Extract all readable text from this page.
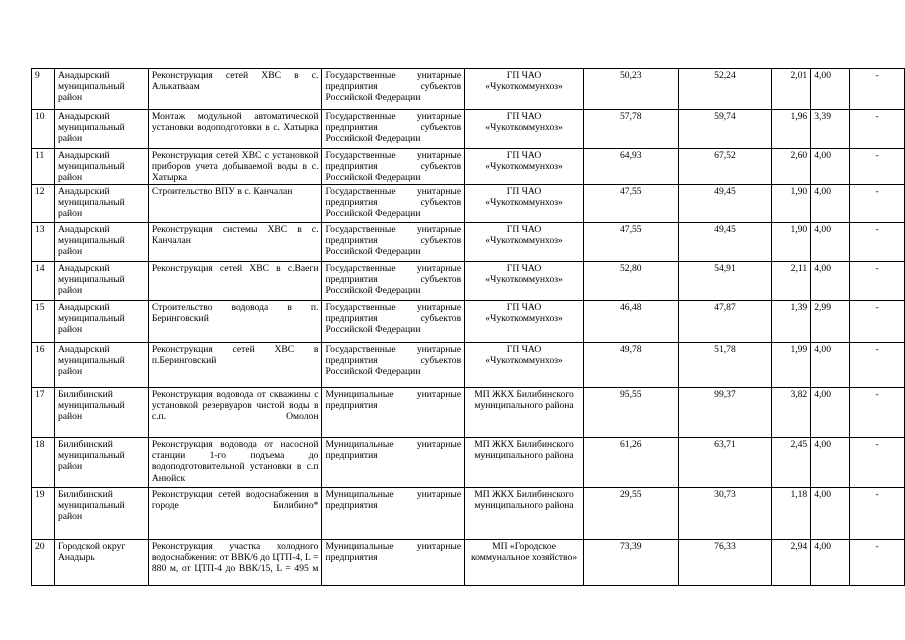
9	Анадырский муниципальный район	Реконструкция сетей ХВС в с. Алькатваам	Государственные унитарные предприятия субъектов Российской Федерации	ГП ЧАО «Чукоткоммунхоз»	50,23	52,24	2,01	4,00	-
10	Анадырский муниципальный район	Монтаж модульной автоматической установки водоподготовки в с. Хатырка	Государственные унитарные предприятия субъектов Российской Федерации	ГП ЧАО «Чукоткоммунхоз»	57,78	59,74	1,96	3,39	-
11	Анадырский муниципальный район	Реконструкция сетей ХВС с установкой приборов учета добываемой воды в с. Хатырка	Государственные унитарные предприятия субъектов Российской Федерации	ГП ЧАО «Чукоткоммунхоз»	64,93	67,52	2,60	4,00	-
12	Анадырский муниципальный район	Строительство ВПУ в с. Канчалан	Государственные унитарные предприятия субъектов Российской Федерации	ГП ЧАО «Чукоткоммунхоз»	47,55	49,45	1,90	4,00	-
13	Анадырский муниципальный район	Реконструкция системы ХВС в с. Канчалан	Государственные унитарные предприятия субъектов Российской Федерации	ГП ЧАО «Чукоткоммунхоз»	47,55	49,45	1,90	4,00	-
14	Анадырский муниципальный район	Реконструкция сетей ХВС в с.Ваеги	Государственные унитарные предприятия субъектов Российской Федерации	ГП ЧАО «Чукоткоммунхоз»	52,80	54,91	2,11	4,00	-
15	Анадырский муниципальный район	Строительство водовода в п. Беринговский	Государственные унитарные предприятия субъектов Российской Федерации	ГП ЧАО «Чукоткоммунхоз»	46,48	47,87	1,39	2,99	-
16	Анадырский муниципальный район	Реконструкция сетей ХВС в п.Беринговский	Государственные унитарные предприятия субъектов Российской Федерации	ГП ЧАО «Чукоткоммунхоз»	49,78	51,78	1,99	4,00	-
17	Билибинский муниципальный район	Реконструкция водовода от скважины с установкой резервуаров чистой воды в с.п. Омолон	Муниципальные унитарные предприятия	МП ЖКХ Билибинского муниципального района	95,55	99,37	3,82	4,00	-
18	Билибинский муниципальный район	Реконструкция водовода от насосной станции 1-го подъема до водоподготовительной установки в с.п Анюйск	Муниципальные унитарные предприятия	МП ЖКХ Билибинского муниципального района	61,26	63,71	2,45	4,00	-
19	Билибинский муниципальный район	Реконструкция сетей водоснабжения в городе Билибино*	Муниципальные унитарные предприятия	МП ЖКХ Билибинского муниципального района	29,55	30,73	1,18	4,00	-
20	Городской округ Анадырь	Реконструкция участка холодного водоснабжения: от ВВК/6 до ЦТП-4, L = 880 м, от ЦТП-4 до ВВК/15, L = 495 м	Муниципальные унитарные предприятия	МП «Городское коммунальное хозяйство»	73,39	76,33	2,94	4,00	-
